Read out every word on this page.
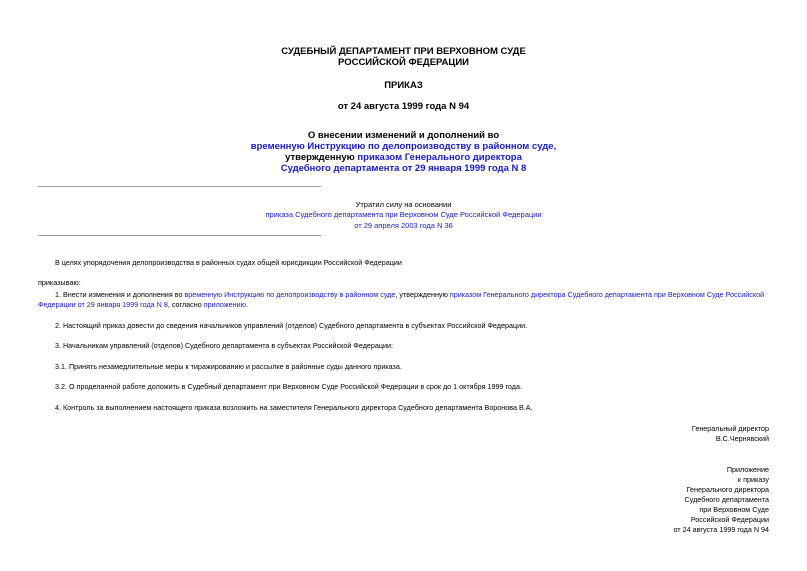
СУДЕБНЫЙ ДЕПАРТАМЕНТ ПРИ ВЕРХОВНОМ СУДЕ
РОССИЙСКОЙ ФЕДЕРАЦИИ
ПРИКАЗ
от 24 августа 1999 года N 94
О внесении изменений и дополнений во
временную Инструкцию по делопроизводству в районном суде,
утвержденную приказом Генерального директора
Судебного департамента от 29 января 1999 года N 8
Утратил силу на основании
приказа Судебного департамента при Верховном Суде Российской Федерации
от 29 апреля 2003 года N 36
В целях упорядочения делопроизводства в районных судах общей юрисдикции Российской Федерации
приказываю:
1. Внести изменения и дополнения во временную Инструкцию по делопроизводству в районном суде, утвержденную приказом Генерального директора Судебного департамента при Верховном Суде Российской
Федерации от 29 января 1999 года N 8, согласно приложению.
2. Настоящий приказ довести до сведения начальников управлений (отделов) Судебного департамента в субъектах Российской Федерации.
3. Начальникам управлений (отделов) Судебного департамента в субъектах Российской Федерации:
3.1. Принять незамедлительные меры к тиражированию и рассылке в районные суды данного приказа.
3.2. О проделанной работе доложить в Судебный департамент при Верховном Суде Российской Федерации в срок до 1 октября 1999 года.
4. Контроль за выполнением настоящего приказа возложить на заместителя Генерального директора Судебного департамента Воронова В.А.
Генеральный директор
В.С.Чернявский
Приложение
к приказу
Генерального директора
Судебного департамента
при Верховном Суде
Российской Федерации
от 24 августа 1999 года N 94
